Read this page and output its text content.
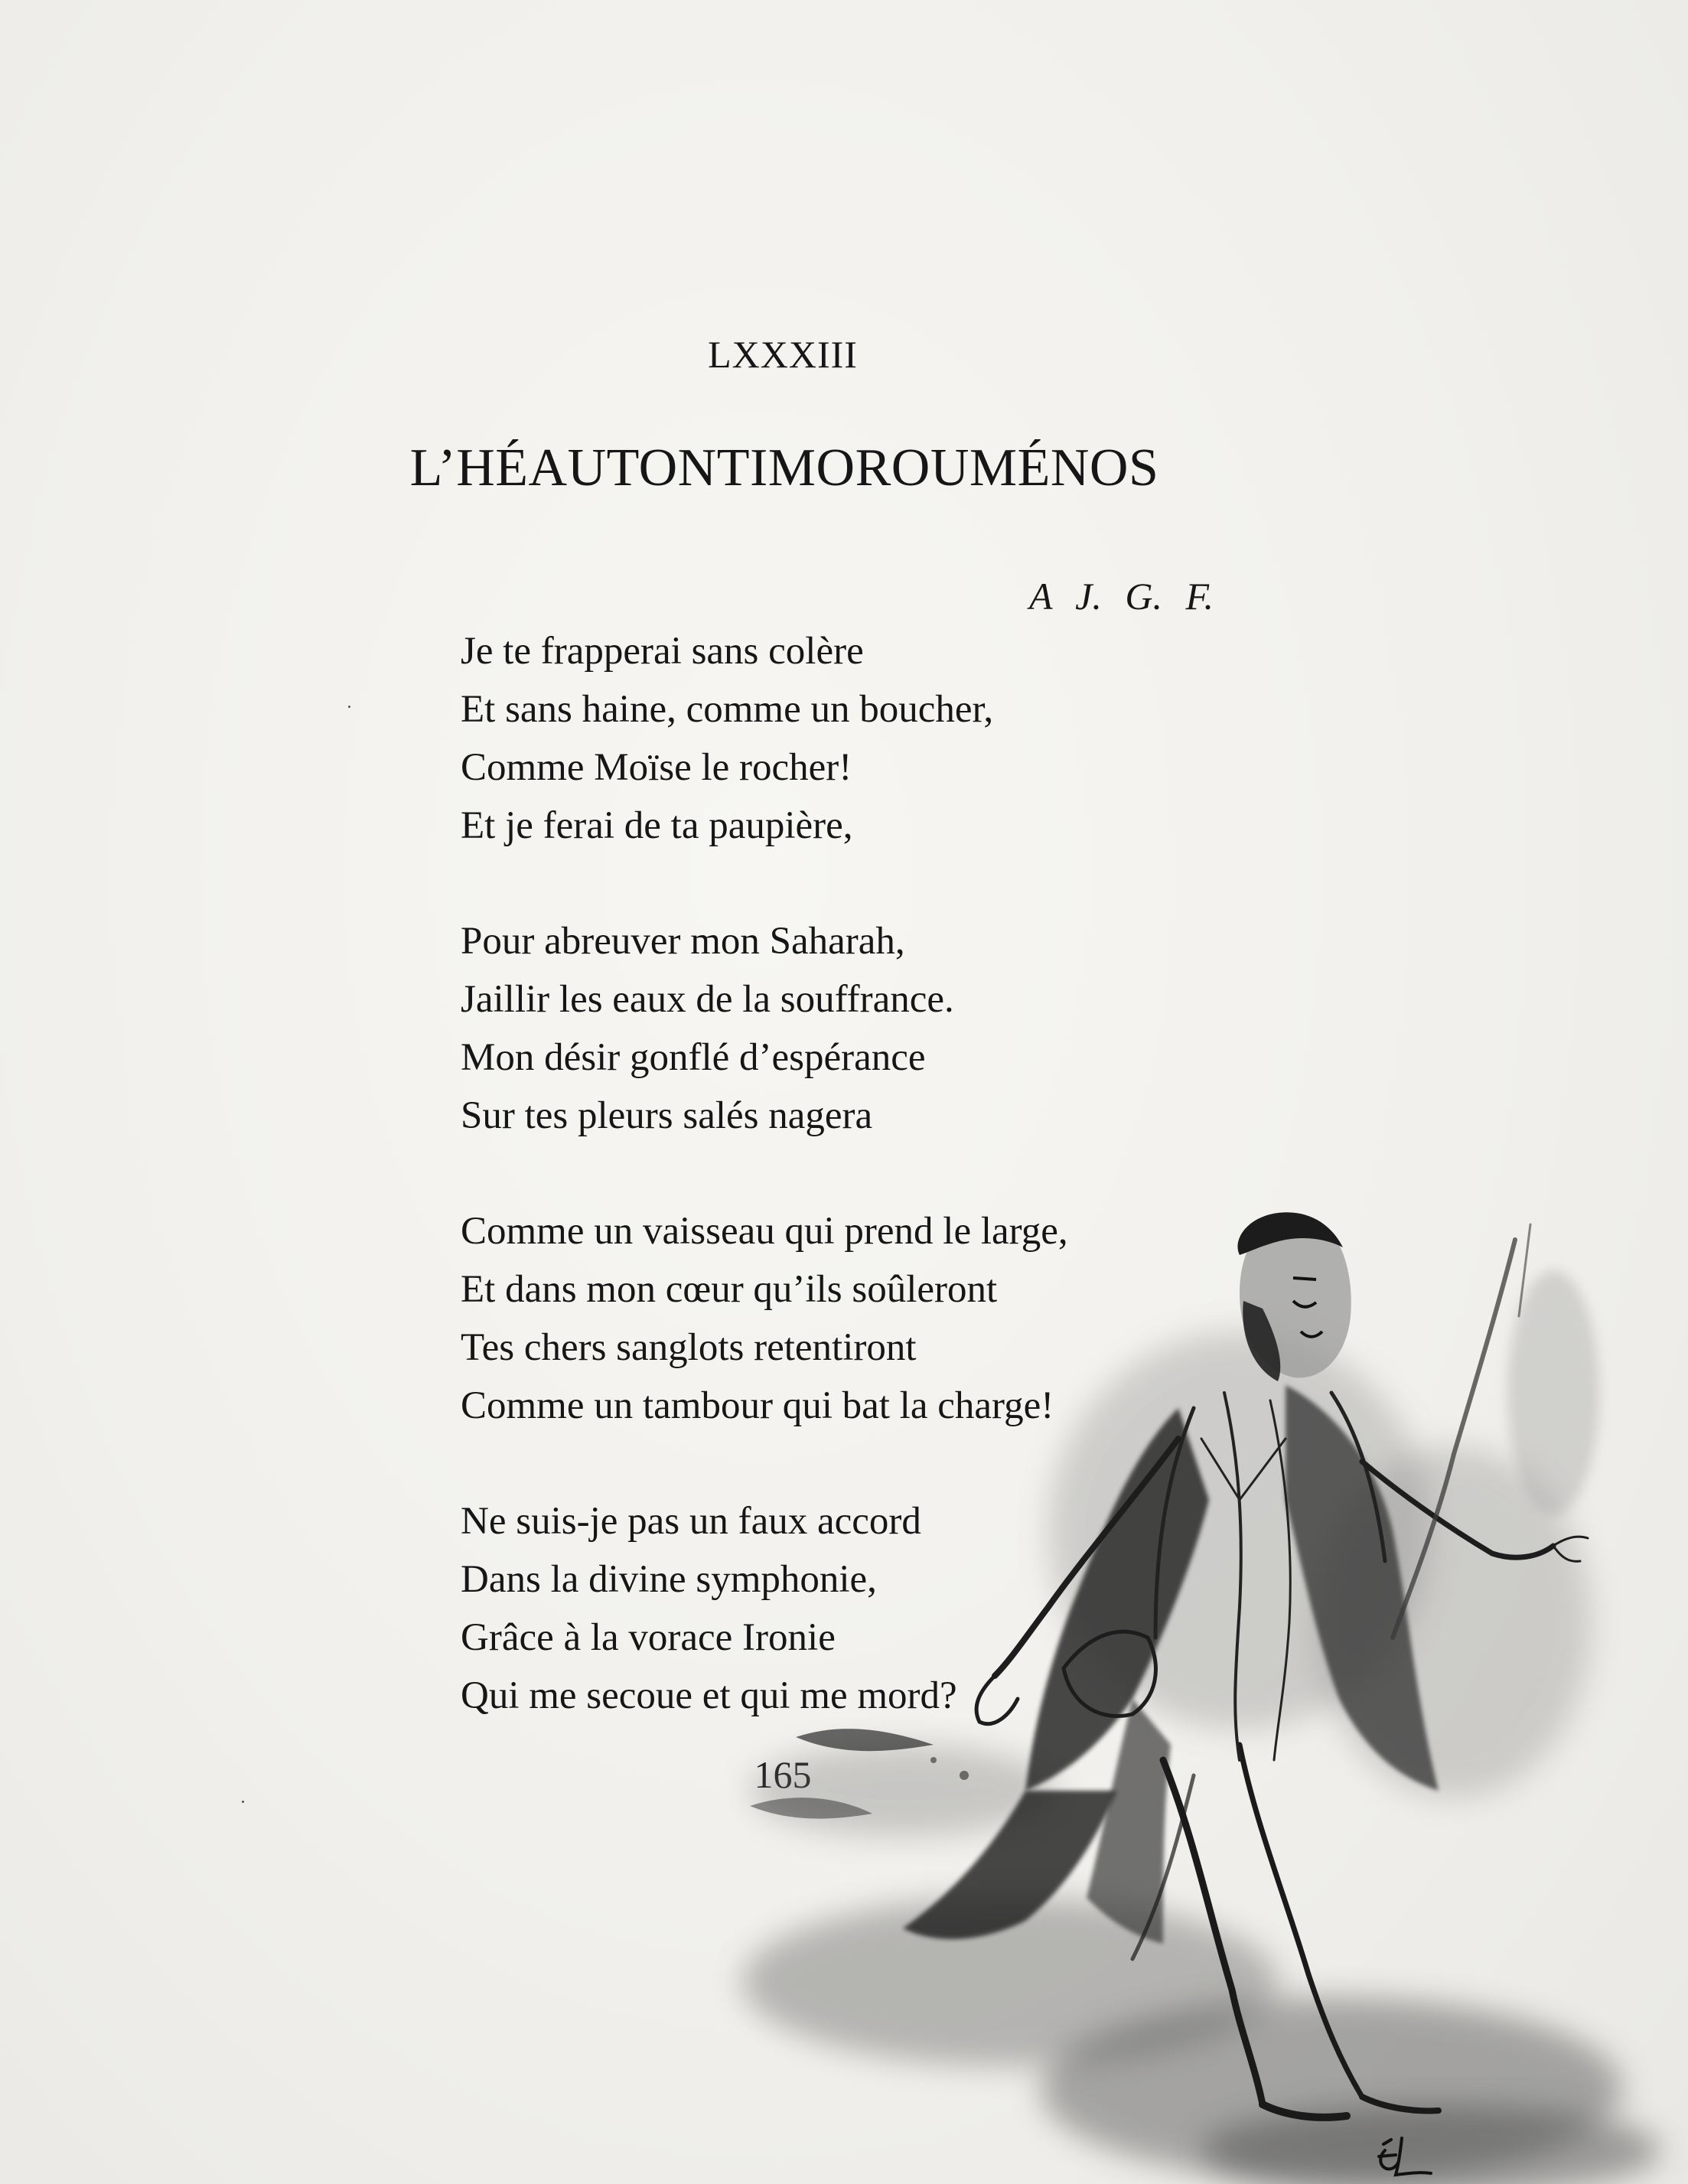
LXXXIII
L’HÉAUTONTIMOROUMÉNOS
A J. G. F.
Je te frapperai sans colère
Et sans haine, comme un boucher,
Comme Moïse le rocher!
Et je ferai de ta paupière,
Pour abreuver mon Saharah,
Jaillir les eaux de la souffrance.
Mon désir gonflé d’espérance
Sur tes pleurs salés nagera
Comme un vaisseau qui prend le large,
Et dans mon cœur qu’ils soûleront
Tes chers sanglots retentiront
Comme un tambour qui bat la charge!
Ne suis-je pas un faux accord
Dans la divine symphonie,
Grâce à la vorace Ironie
Qui me secoue et qui me mord?
165
